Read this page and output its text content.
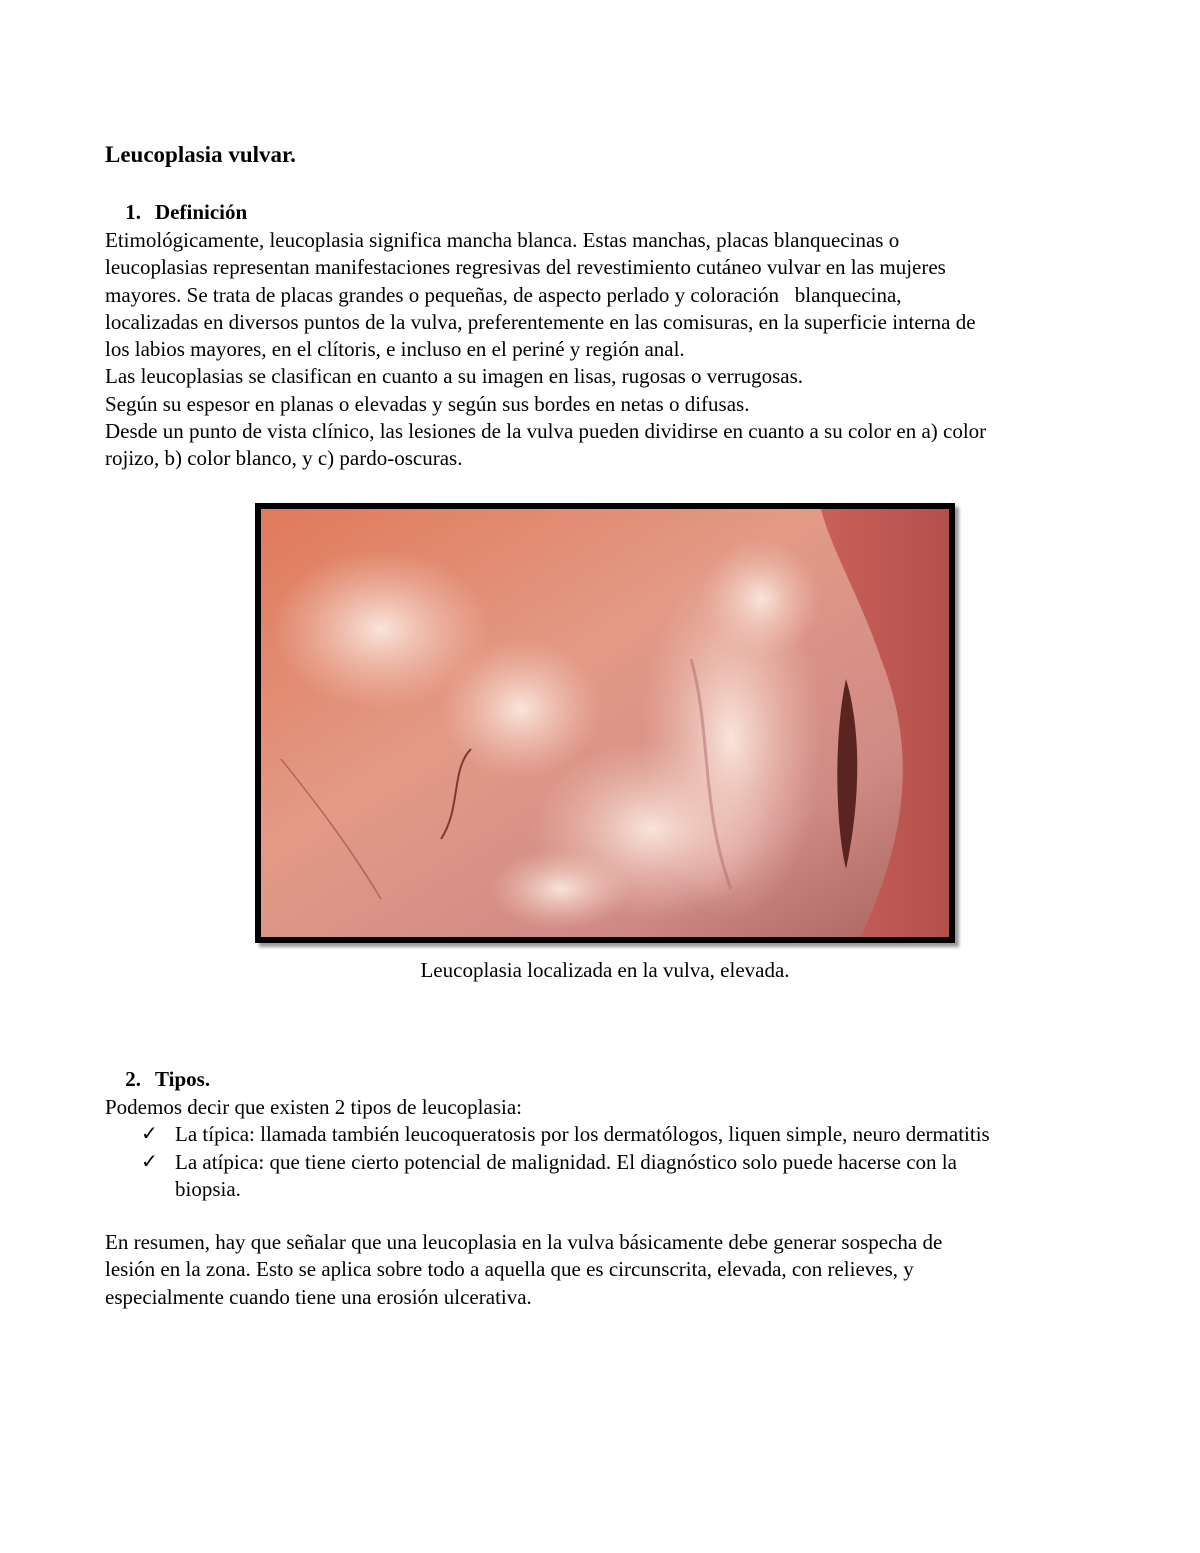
Leucoplasia vulvar.
1. Definición

Etimológicamente, leucoplasia significa mancha blanca. Estas manchas, placas blanquecinas o

leucoplasias representan manifestaciones regresivas del revestimiento cutáneo vulvar en las mujeres

mayores. Se trata de placas grandes o pequeñas, de aspecto perlado y coloración   blanquecina,

localizadas en diversos puntos de la vulva, preferentemente en las comisuras, en la superficie interna de

los labios mayores, en el clítoris, e incluso en el periné y región anal.

Las leucoplasias se clasifican en cuanto a su imagen en lisas, rugosas o verrugosas.

Según su espesor en planas o elevadas y según sus bordes en netas o difusas.

Desde un punto de vista clínico, las lesiones de la vulva pueden dividirse en cuanto a su color en a) color

rojizo, b) color blanco, y c) pardo-oscuras.

Leucoplasia localizada en la vulva, elevada.
2. Tipos.

Podemos decir que existen 2 tipos de leucoplasia:

✓ La típica: llamada también leucoqueratosis por los dermatólogos, liquen simple, neuro dermatitis
✓ La atípica: que tiene cierto potencial de malignidad. El diagnóstico solo puede hacerse con la
biopsia.

En resumen, hay que señalar que una leucoplasia en la vulva básicamente debe generar sospecha de

lesión en la zona. Esto se aplica sobre todo a aquella que es circunscrita, elevada, con relieves, y

especialmente cuando tiene una erosión ulcerativa.
